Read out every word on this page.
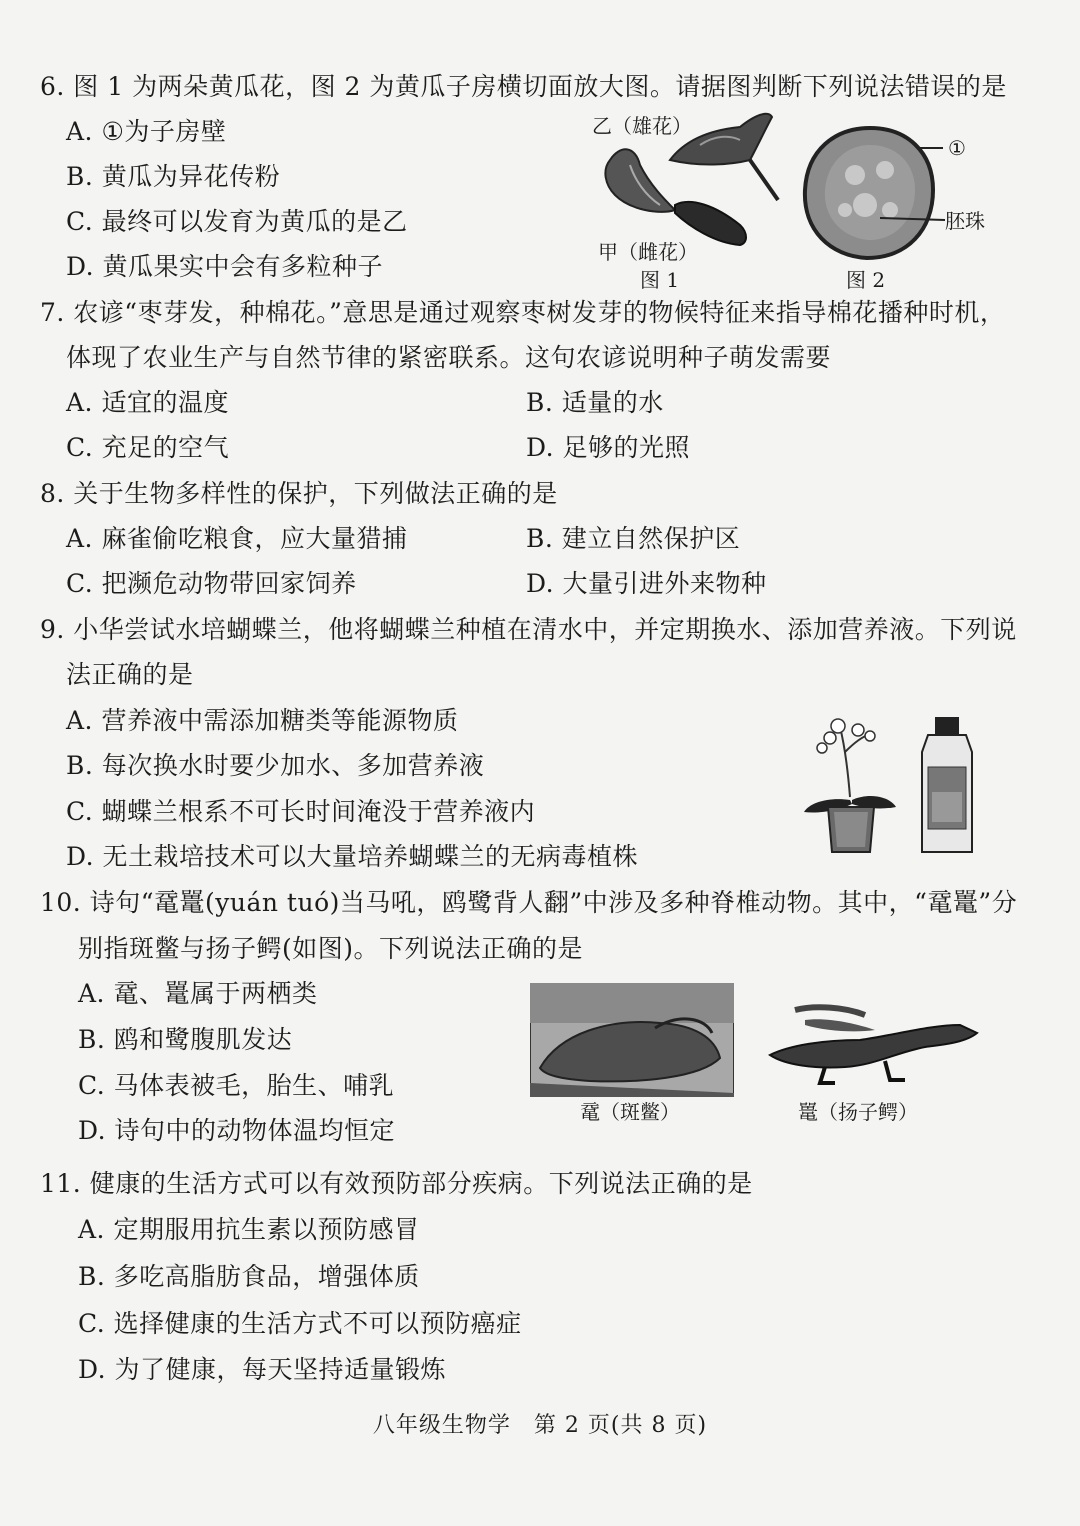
6. 图 1 为两朵黄瓜花，图 2 为黄瓜子房横切面放大图。请据图判断下列说法错误的是
A. ①为子房壁
B. 黄瓜为异花传粉
C. 最终可以发育为黄瓜的是乙
D. 黄瓜果实中会有多粒种子
乙（雄花）
甲（雌花）
图 1
①
胚珠
图 2
7. 农谚“枣芽发，种棉花。”意思是通过观察枣树发芽的物候特征来指导棉花播种时机，
体现了农业生产与自然节律的紧密联系。这句农谚说明种子萌发需要
A. 适宜的温度	B. 适量的水
C. 充足的空气	D. 足够的光照
8. 关于生物多样性的保护，下列做法正确的是
A. 麻雀偷吃粮食，应大量猎捕	B. 建立自然保护区
C. 把濒危动物带回家饲养	D. 大量引进外来物种
9. 小华尝试水培蝴蝶兰，他将蝴蝶兰种植在清水中，并定期换水、添加营养液。下列说
法正确的是
A. 营养液中需添加糖类等能源物质
B. 每次换水时要少加水、多加营养液
C. 蝴蝶兰根系不可长时间淹没于营养液内
D. 无土栽培技术可以大量培养蝴蝶兰的无病毒植株
10. 诗句“鼋鼍(yuán tuó)当马吼，鸥鹭背人翻”中涉及多种脊椎动物。其中，“鼋鼍”分
别指斑鳖与扬子鳄(如图)。下列说法正确的是
A. 鼋、鼍属于两栖类
B. 鸥和鹭腹肌发达
C. 马体表被毛，胎生、哺乳
D. 诗句中的动物体温均恒定
鼋（斑鳖）	鼍（扬子鳄）
11. 健康的生活方式可以有效预防部分疾病。下列说法正确的是
A. 定期服用抗生素以预防感冒
B. 多吃高脂肪食品，增强体质
C. 选择健康的生活方式不可以预防癌症
D. 为了健康，每天坚持适量锻炼
八年级生物学　第 2 页(共 8 页)
